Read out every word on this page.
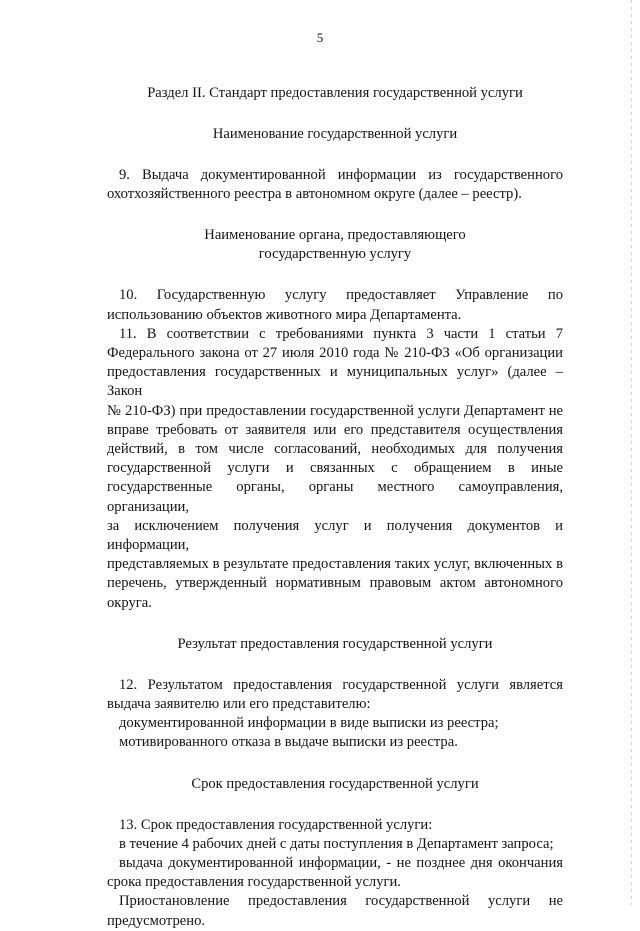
5

Раздел II. Стандарт предоставления государственной услуги

Наименование государственной услуги

9. Выдача документированной информации из государственного

охотхозяйственного реестра в автономном округе (далее – реестр).

Наименование органа, предоставляющего

государственную услугу

10. Государственную услугу предоставляет Управление по

использованию объектов животного мира Департамента.

11. В соответствии с требованиями пункта 3 части 1 статьи 7

Федерального закона от 27 июля 2010 года № 210-ФЗ «Об организации

предоставления государственных и муниципальных услуг» (далее – Закон

№ 210-ФЗ) при предоставлении государственной услуги Департамент не

вправе требовать от заявителя или его представителя осуществления

действий, в том числе согласований, необходимых для получения

государственной услуги и связанных с обращением в иные

государственные органы, органы местного самоуправления, организации,

за исключением получения услуг и получения документов и информации,

представляемых в результате предоставления таких услуг, включенных в

перечень, утвержденный нормативным правовым актом автономного

округа.

Результат предоставления государственной услуги

12. Результатом предоставления государственной услуги является

выдача заявителю или его представителю:

документированной информации в виде выписки из реестра;

мотивированного отказа в выдаче выписки из реестра.

Срок предоставления государственной услуги

13. Срок предоставления государственной услуги:

в течение 4 рабочих дней с даты поступления в Департамент запроса;

выдача документированной информации, - не позднее дня окончания

срока предоставления государственной услуги.

Приостановление предоставления государственной услуги не

предусмотрено.
